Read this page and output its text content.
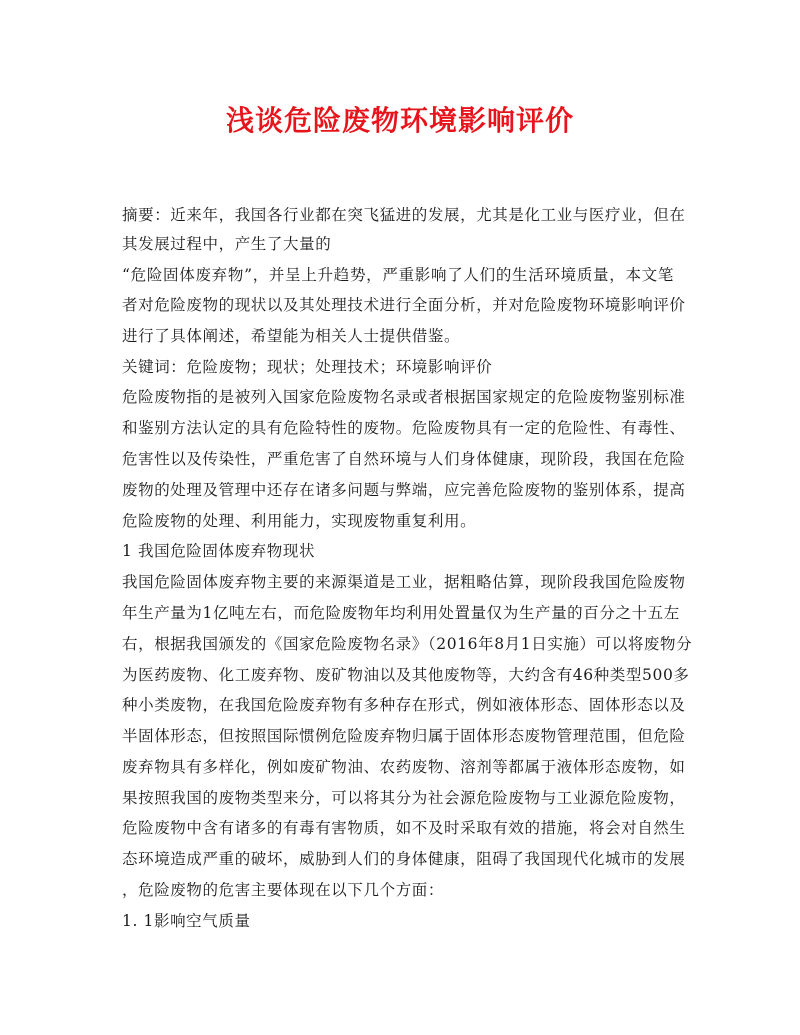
浅谈危险废物环境影响评价
摘要：近来年，我国各行业都在突飞猛进的发展，尤其是化工业与医疗业，但在
其发展过程中，产生了大量的
“危险固体废弃物”，并呈上升趋势，严重影响了人们的生活环境质量，本文笔
者对危险废物的现状以及其处理技术进行全面分析，并对危险废物环境影响评价
进行了具体阐述，希望能为相关人士提供借鉴。
关键词：危险废物；现状；处理技术；环境影响评价
危险废物指的是被列入国家危险废物名录或者根据国家规定的危险废物鉴别标准
和鉴别方法认定的具有危险特性的废物。危险废物具有一定的危险性、有毒性、
危害性以及传染性，严重危害了自然环境与人们身体健康，现阶段，我国在危险
废物的处理及管理中还存在诸多问题与弊端，应完善危险废物的鉴别体系，提高
危险废物的处理、利用能力，实现废物重复利用。
1 我国危险固体废弃物现状
我国危险固体废弃物主要的来源渠道是工业，据粗略估算，现阶段我国危险废物
年生产量为1亿吨左右，而危险废物年均利用处置量仅为生产量的百分之十五左
右，根据我国颁发的《国家危险废物名录》（2016年8月1日实施）可以将废物分
为医药废物、化工废弃物、废矿物油以及其他废物等，大约含有46种类型500多
种小类废物，在我国危险废弃物有多种存在形式，例如液体形态、固体形态以及
半固体形态，但按照国际惯例危险废弃物归属于固体形态废物管理范围，但危险
废弃物具有多样化，例如废矿物油、农药废物、溶剂等都属于液体形态废物，如
果按照我国的废物类型来分，可以将其分为社会源危险废物与工业源危险废物，
危险废物中含有诸多的有毒有害物质，如不及时采取有效的措施，将会对自然生
态环境造成严重的破坏，威胁到人们的身体健康，阻碍了我国现代化城市的发展
，危险废物的危害主要体现在以下几个方面：
1. 1影响空气质量
